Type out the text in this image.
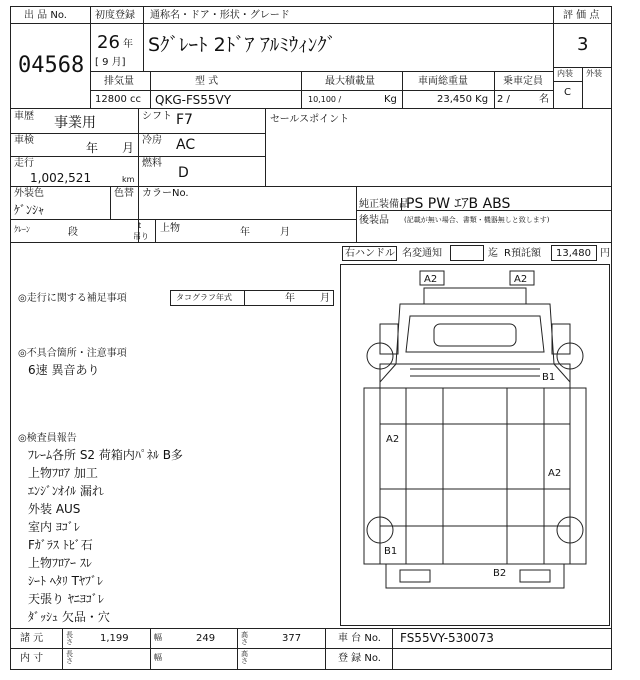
出 品 No.
04568
初度登録
26 年
[ 9 月]
通称名・ドア・形状・グレード
Sｸﾞﾚｰﾄ 2ﾄﾞｱ ｱﾙﾐｳｨﾝｸﾞ
評 価 点
3
内装 外装
C
排気量
12800 cc
型 式
QKG-FS55VY
最大積載量
10,100 /	Kg
車両総重量
23,450 Kg
乗車定員
2 /	名
車歴 事業用	シフト F7
車検
年 月
冷房 AC
走行
1,002,521	km
燃料
D
セールスポイント
外装色
ｹﾞﾝｼｬ
色替 カラーNo.
純正装備品
PS PW ｴｱB ABS
後装品 (記載が無い場合、書類・機器無しと致します)
ｸﾚｰﾝ	段
t
吊り
上物	年	月
右ハンドル 名変通知	迄 R預託額 13,480 円
◎走行に関する補足事項	タコグラフ年式	年	月
◎不具合箇所・注意事項
6速 異音あり
◎検査員報告
ﾌﾚｰﾑ各所 S2 荷箱内ﾊﾟﾈﾙ B多
上物ﾌﾛｱ 加工
ｴﾝｼﾞﾝｵｲﾙ 漏れ
外装 AUS
室内 ﾖｺﾞﾚ
Fｶﾞﾗｽ ﾄﾋﾞ石
上物ﾌﾛｱｰ ｽﾚ
ｼｰﾄ ﾍﾀﾘ Tﾔﾌﾞﾚ
天張り ﾔﾆﾖｺﾞﾚ
ﾀﾞｯｼｭ 欠品・穴
A2	A2
B1
A2
A2
B1
B2
諸 元	長さ	1,199	幅	249	高さ	377	車 台 No. FS55VY-530073
内 寸	長さ	幅	高さ	登 録 No.
